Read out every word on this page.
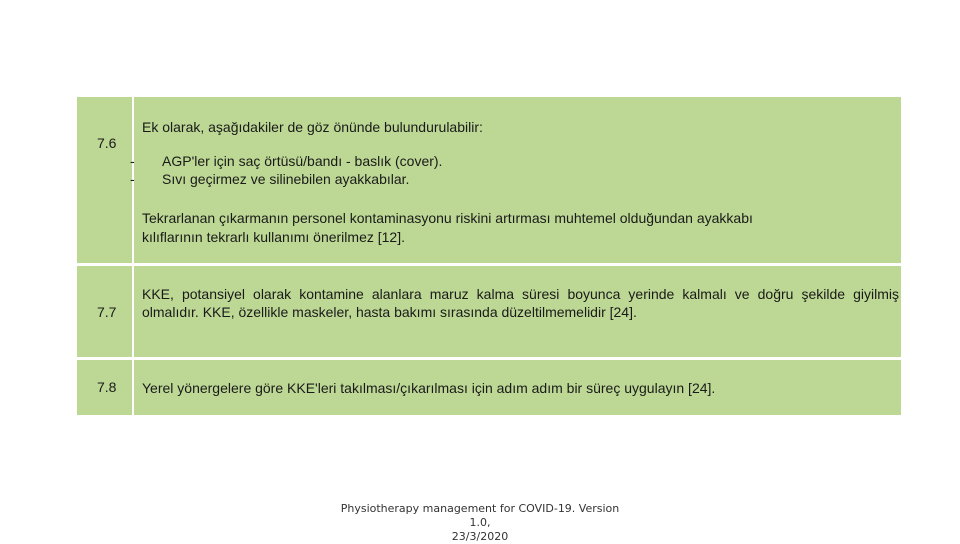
7.6
Ek olarak, aşağıdakiler de göz önünde bulundurulabilir:
-
-
AGP'ler için saç örtüsü/bandı - baslık (cover).
Sıvı geçirmez ve silinebilen ayakkabılar.
Tekrarlanan çıkarmanın personel kontaminasyonu riskini artırması muhtemel olduğundan ayakkabı
kılıflarının tekrarlı kullanımı önerilmez [12].
7.7
KKE, potansiyel olarak kontamine alanlara maruz kalma süresi boyunca yerinde kalmalı ve doğru şekilde giyilmiş olmalıdır. KKE, özellikle maskeler, hasta bakımı sırasında düzeltilmemelidir [24].
7.8 Yerel yönergelere göre KKE'leri takılması/çıkarılması için adım adım bir süreç uygulayın [24].
Physiotherapy management for COVID-19. Version 1.0,
23/3/2020
